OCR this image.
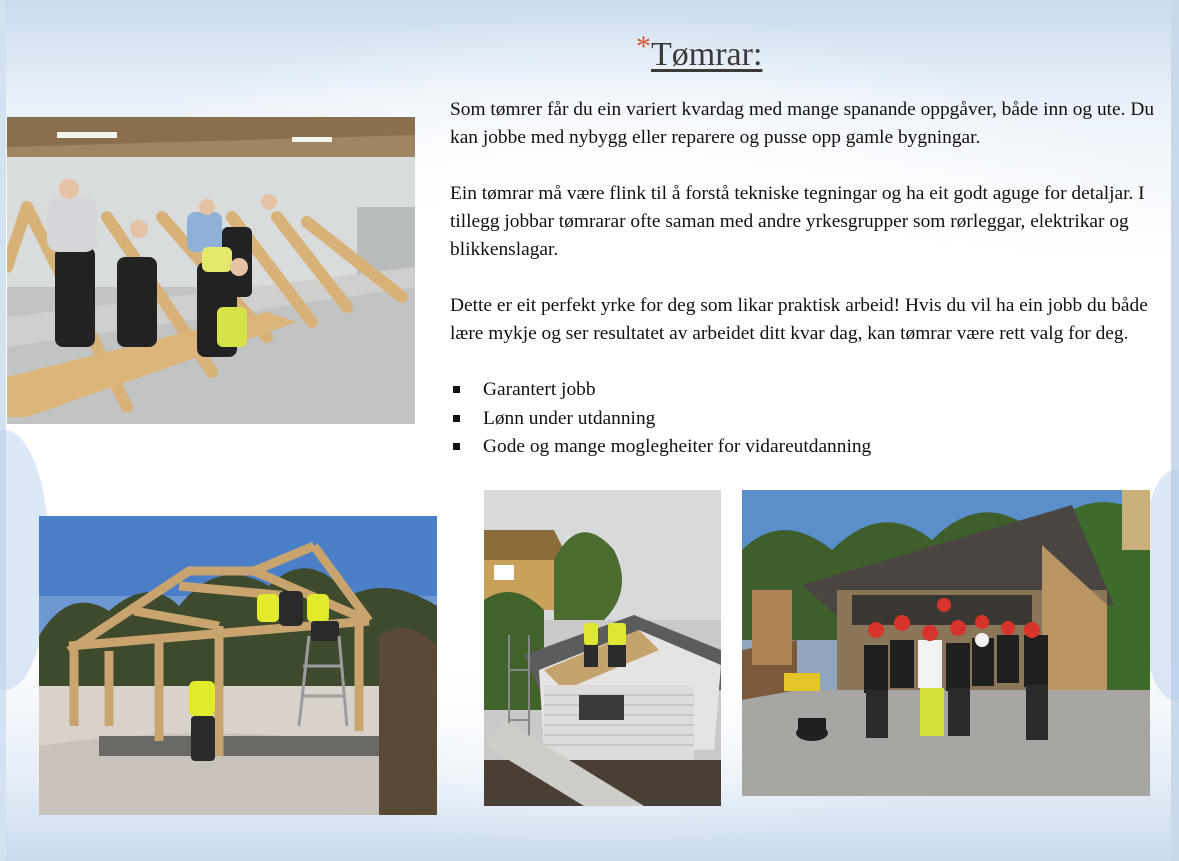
*Tømrar:

Som tømrer får du ein variert kvardag med mange spanande oppgåver, både inn og ute. Du kan jobbe med nybygg eller reparere og pusse opp gamle bygningar.

Ein tømrar må være flink til å forstå tekniske tegningar og ha eit godt aguge for detaljar. I tillegg jobbar tømrarar ofte saman med andre yrkesgrupper som rørleggar, elektrikar og blikkenslagar.

Dette er eit perfekt yrke for deg som likar praktisk arbeid! Hvis du vil ha ein jobb du både lære mykje og ser resultatet av arbeidet ditt kvar dag, kan tømrar være rett valg for deg.

Garantert jobb
Lønn under utdanning
Gode og mange moglegheiter for vidareutdanning
